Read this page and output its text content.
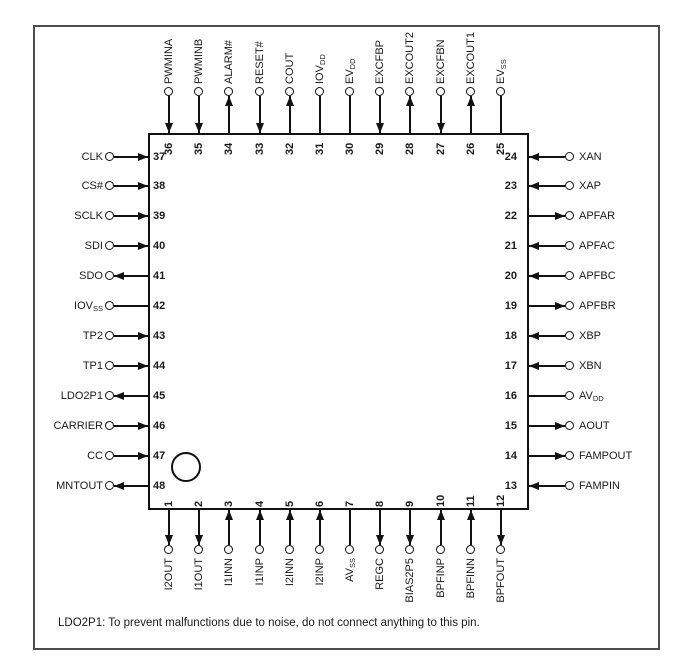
PWMINA
36
PWMINB
35
ALARM#
34
RESET#
33
COUT
32
$IOV_{DD}$
31
$EV_{DD}$
30
EXCFBP
29
EXCOUT2
28
EXCFBN
27
EXCOUT1
26
$EV_{SS}$
25
CLK	37
CS#	38
SCLK	39
SDI	40
SDO	41
$IOV_{SS}$	42
TP2	43
TP1	44
LDO2P1	45
CARRIER	46
CC	47
MNTOUT	48
XAN
24
XAP
23
APFAR
22
APFAC
21
APFBC
20
APFBR
19
XBP
18
XBN
17
$AV_{DD}$
16
AOUT
15
FAMPOUT
14
FAMPIN
13
I2OUT
1
I1OUT
2
I1INN
3
I1INP
4
I2INN
5
I2INP
6
$AV_{SS}$
7
REGC
8
BIAS2P5
9
BPFINP
10
BPFINN
11
BPFOUT
12
LDO2P1: To prevent malfunctions due to noise, do not connect anything to this pin.
